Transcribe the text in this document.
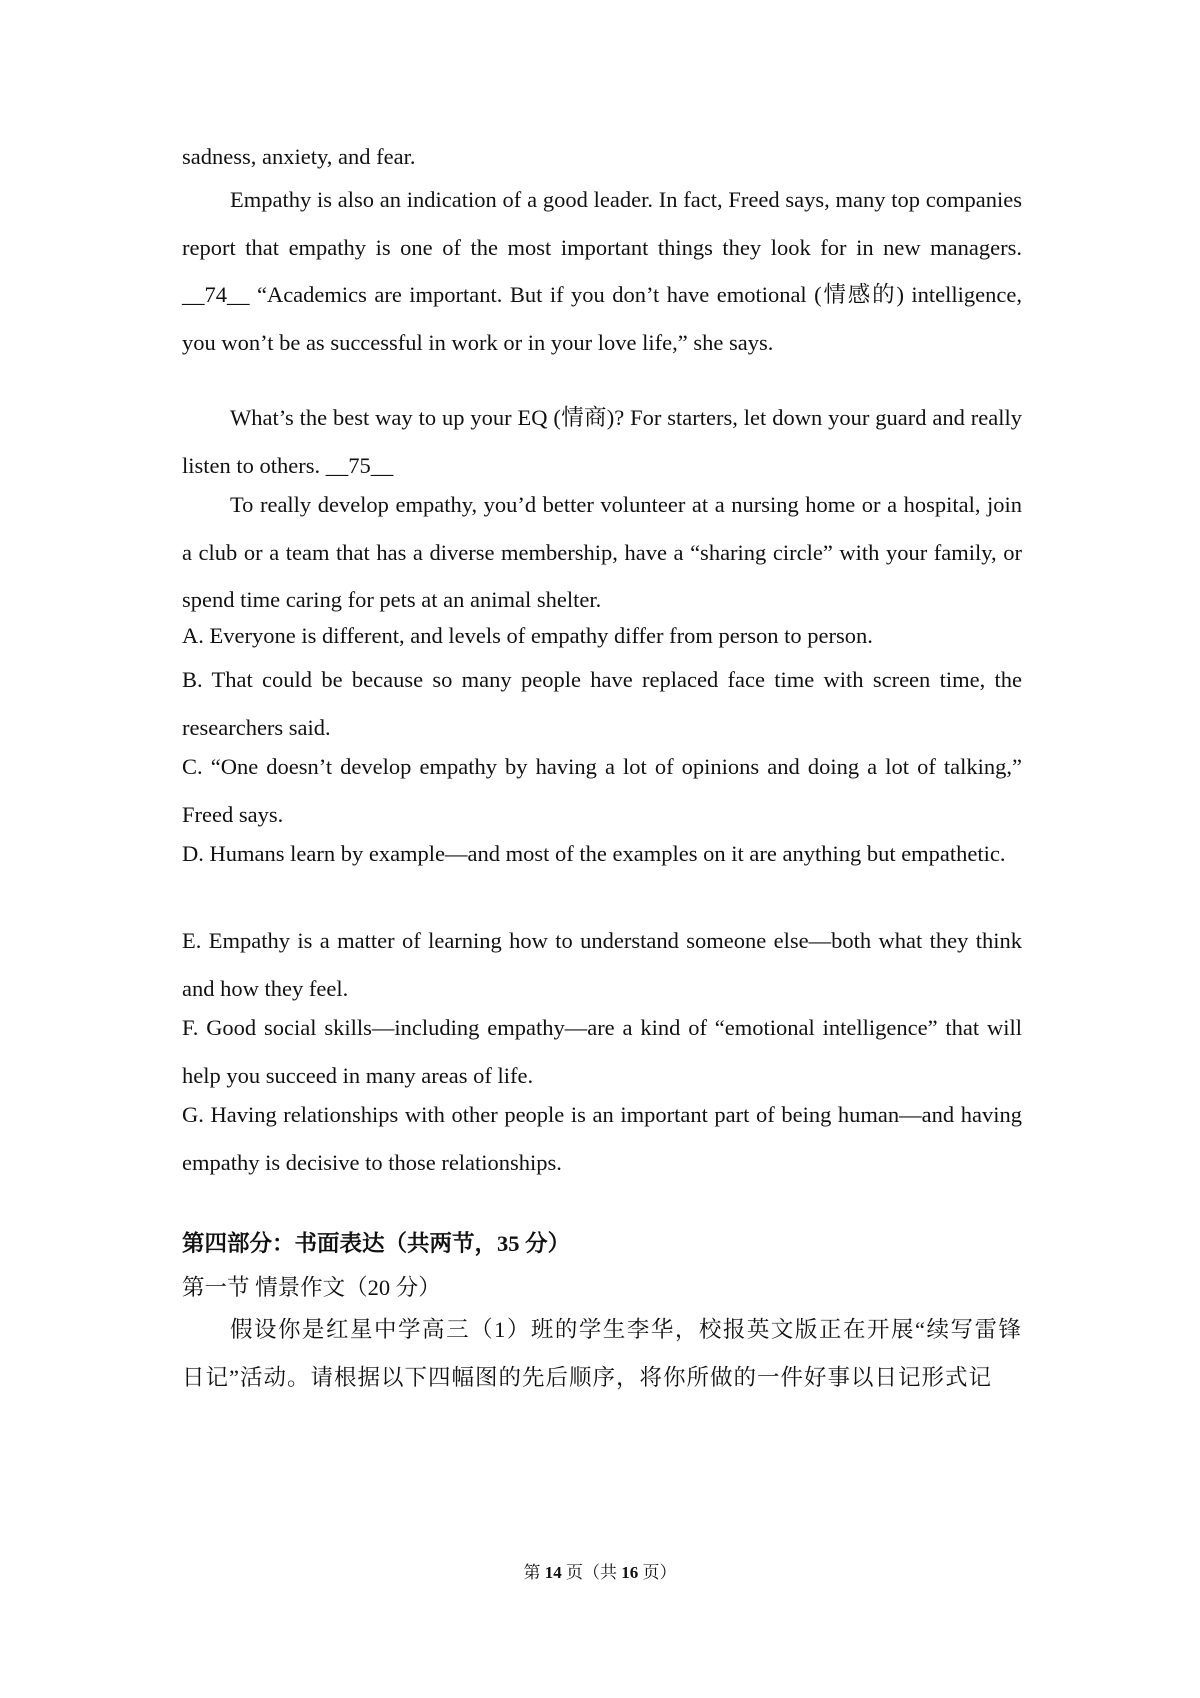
sadness, anxiety, and fear.

Empathy is also an indication of a good leader. In fact, Freed says, many top companies report that empathy is one of the most important things they look for in new managers. __74__ “Academics are important. But if you don’t have emotional (情感的) intelligence, you won’t be as successful in work or in your love life,” she says.

What’s the best way to up your EQ (情商)? For starters, let down your guard and really listen to others. __75__

To really develop empathy, you’d better volunteer at a nursing home or a hospital, join a club or a team that has a diverse membership, have a “sharing circle” with your family, or spend time caring for pets at an animal shelter.

A. Everyone is different, and levels of empathy differ from person to person.

B. That could be because so many people have replaced face time with screen time, the researchers said.

C. “One doesn’t develop empathy by having a lot of opinions and doing a lot of talking,” Freed says.

D. Humans learn by example—and most of the examples on it are anything but empathetic.

E. Empathy is a matter of learning how to understand someone else—both what they think and how they feel.

F. Good social skills—including empathy—are a kind of “emotional intelligence” that will help you succeed in many areas of life.

G. Having relationships with other people is an important part of being human—and having empathy is decisive to those relationships.

第四部分：书面表达（共两节，35 分）

第一节 情景作文（20 分）

假设你是红星中学高三（1）班的学生李华，校报英文版正在开展“续写雷锋日记”活动。请根据以下四幅图的先后顺序，将你所做的一件好事以日记形式记

第 14 页（共 16 页）
